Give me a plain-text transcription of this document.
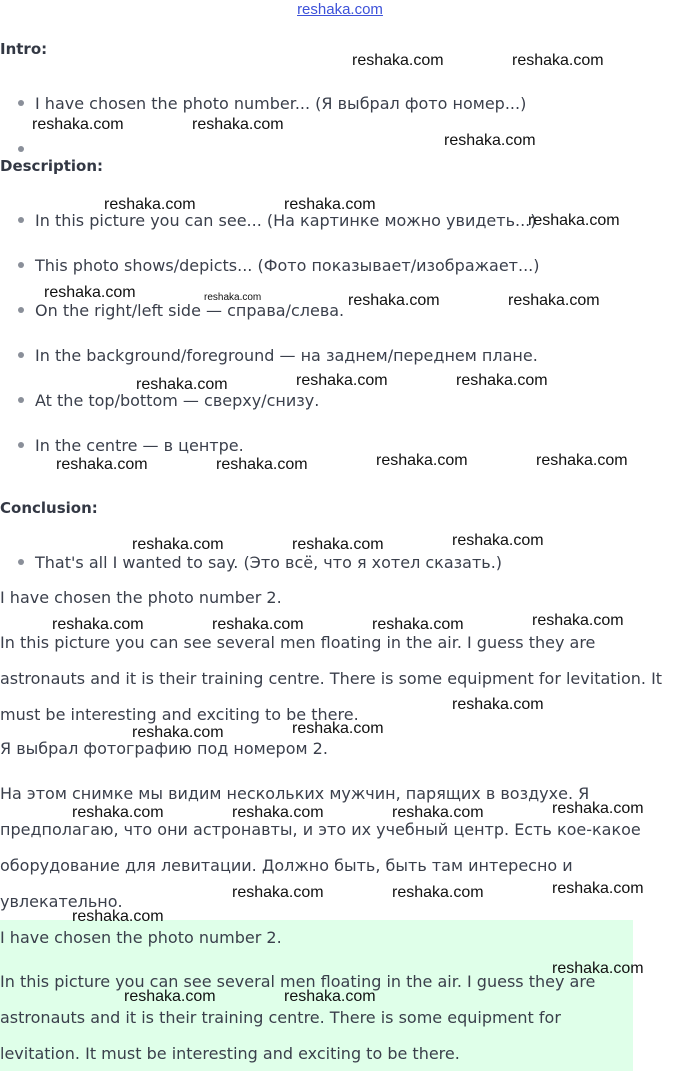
reshaka.com
Intro:
I have chosen the photo number... (Я выбрал фото номер...)
Description:
In this picture you can see... (На картинке можно увидеть...)
This photo shows/depicts... (Фото показывает/изображает...)
On the right/left side — справа/слева.
In the background/foreground — на заднем/переднем плане.
At the top/bottom — сверху/снизу.
In the centre — в центре.
Conclusion:
That's all I wanted to say. (Это всё, что я хотел сказать.)

I have chosen the photo number 2.

In this picture you can see several men floating in the air. I guess they are astronauts and it is their training centre. There is some equipment for levitation. It must be interesting and exciting to be there.

Я выбрал фотографию под номером 2.

На этом снимке мы видим нескольких мужчин, парящих в воздухе. Я предполагаю, что они астронавты, и это их учебный центр. Есть кое-какое оборудование для левитации. Должно быть, быть там интересно и увлекательно.

I have chosen the photo number 2.

In this picture you can see several men floating in the air. I guess they are astronauts and it is their training centre. There is some equipment for levitation. It must be interesting and exciting to be there.

reshaka.com	reshaka.com
reshaka.com	reshaka.com
reshaka.com
reshaka.com	reshaka.com
reshaka.com
reshaka.com	reshaka.com	reshaka.com	reshaka.com
reshaka.com	reshaka.com	reshaka.com
reshaka.com	reshaka.com	reshaka.com	reshaka.com
reshaka.com	reshaka.com	reshaka.com
reshaka.com	reshaka.com	reshaka.com	reshaka.com
reshaka.com
reshaka.com	reshaka.com
reshaka.com	reshaka.com	reshaka.com	reshaka.com
reshaka.com	reshaka.com	reshaka.com
reshaka.com
reshaka.com
reshaka.com	reshaka.com
